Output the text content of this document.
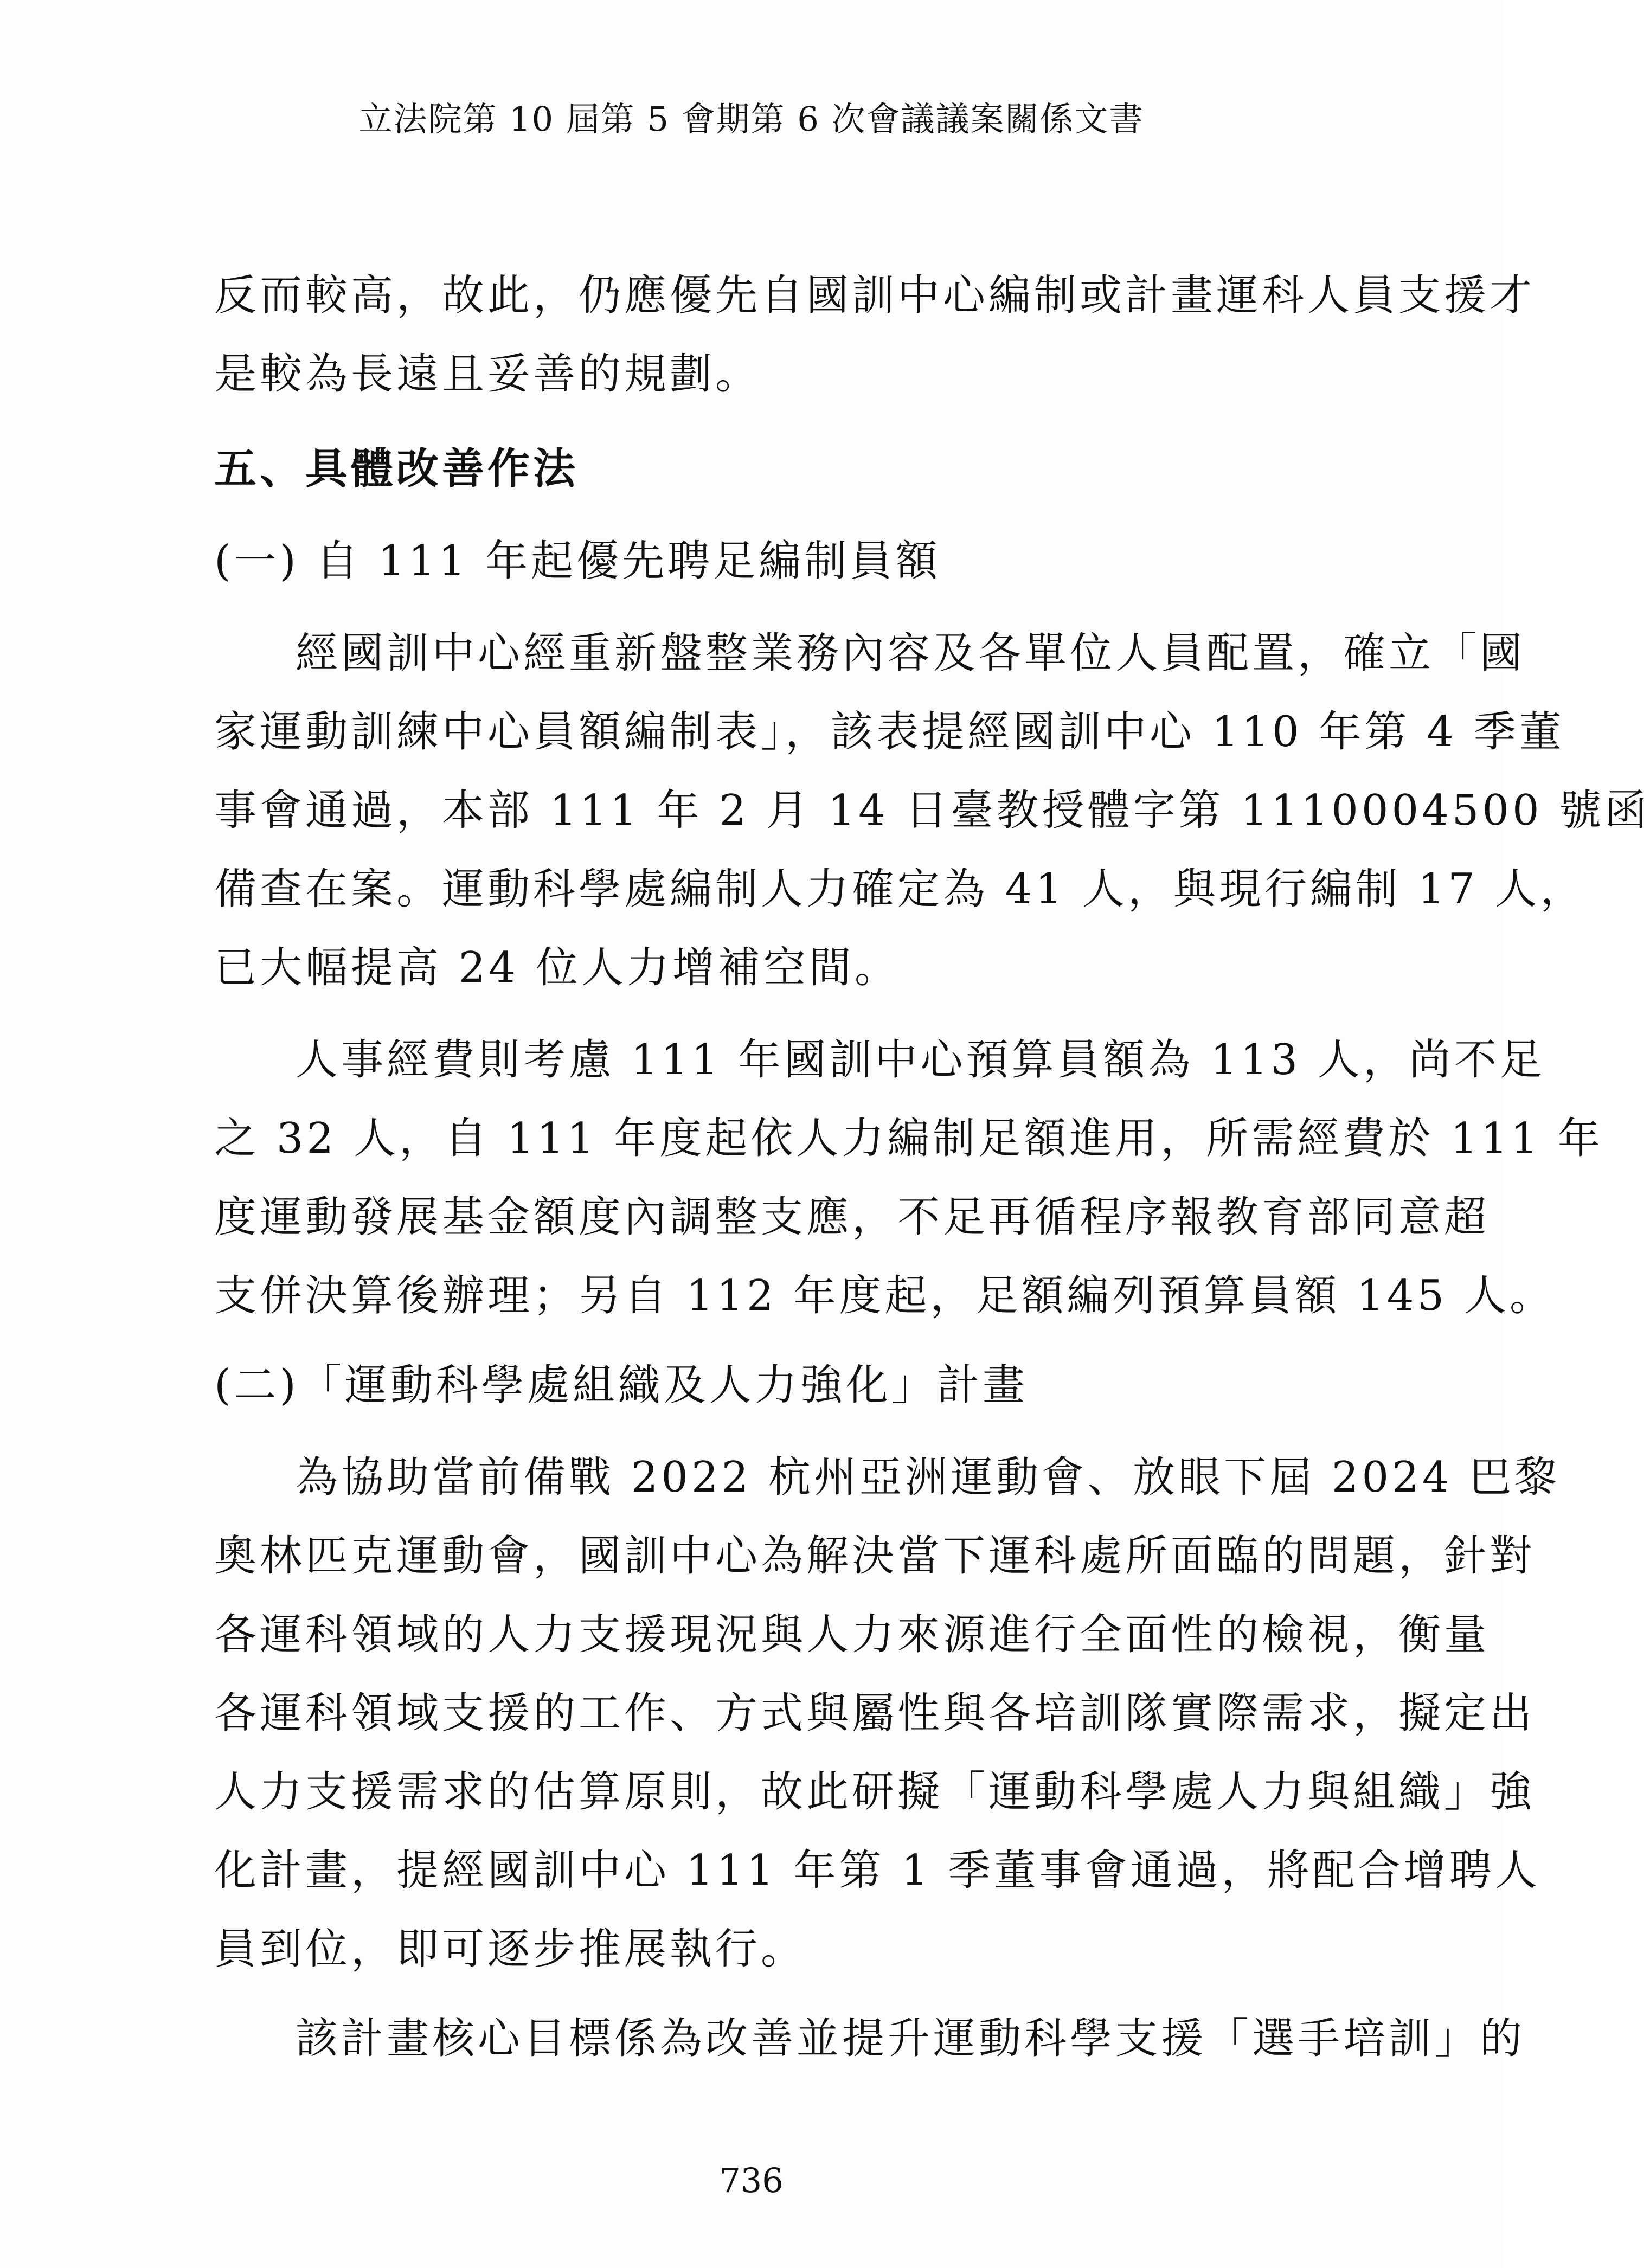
立法院第 10 屆第 5 會期第 6 次會議議案關係文書
反而較高，故此，仍應優先自國訓中心編制或計畫運科人員支援才
是較為長遠且妥善的規劃。
五、具體改善作法
(一) 自 111 年起優先聘足編制員額
經國訓中心經重新盤整業務內容及各單位人員配置，確立「國
家運動訓練中心員額編制表」，該表提經國訓中心 110 年第 4 季董
事會通過，本部 111 年 2 月 14 日臺教授體字第 1110004500 號函
備查在案。運動科學處編制人力確定為 41 人，與現行編制 17 人，
已大幅提高 24 位人力增補空間。
人事經費則考慮 111 年國訓中心預算員額為 113 人，尚不足
之 32 人，自 111 年度起依人力編制足額進用，所需經費於 111 年
度運動發展基金額度內調整支應，不足再循程序報教育部同意超
支併決算後辦理；另自 112 年度起，足額編列預算員額 145 人。
(二)「運動科學處組織及人力強化」計畫
為協助當前備戰 2022 杭州亞洲運動會、放眼下屆 2024 巴黎
奧林匹克運動會，國訓中心為解決當下運科處所面臨的問題，針對
各運科領域的人力支援現況與人力來源進行全面性的檢視，衡量
各運科領域支援的工作、方式與屬性與各培訓隊實際需求，擬定出
人力支援需求的估算原則，故此研擬「運動科學處人力與組織」強
化計畫，提經國訓中心 111 年第 1 季董事會通過，將配合增聘人
員到位，即可逐步推展執行。
該計畫核心目標係為改善並提升運動科學支援「選手培訓」的
736
